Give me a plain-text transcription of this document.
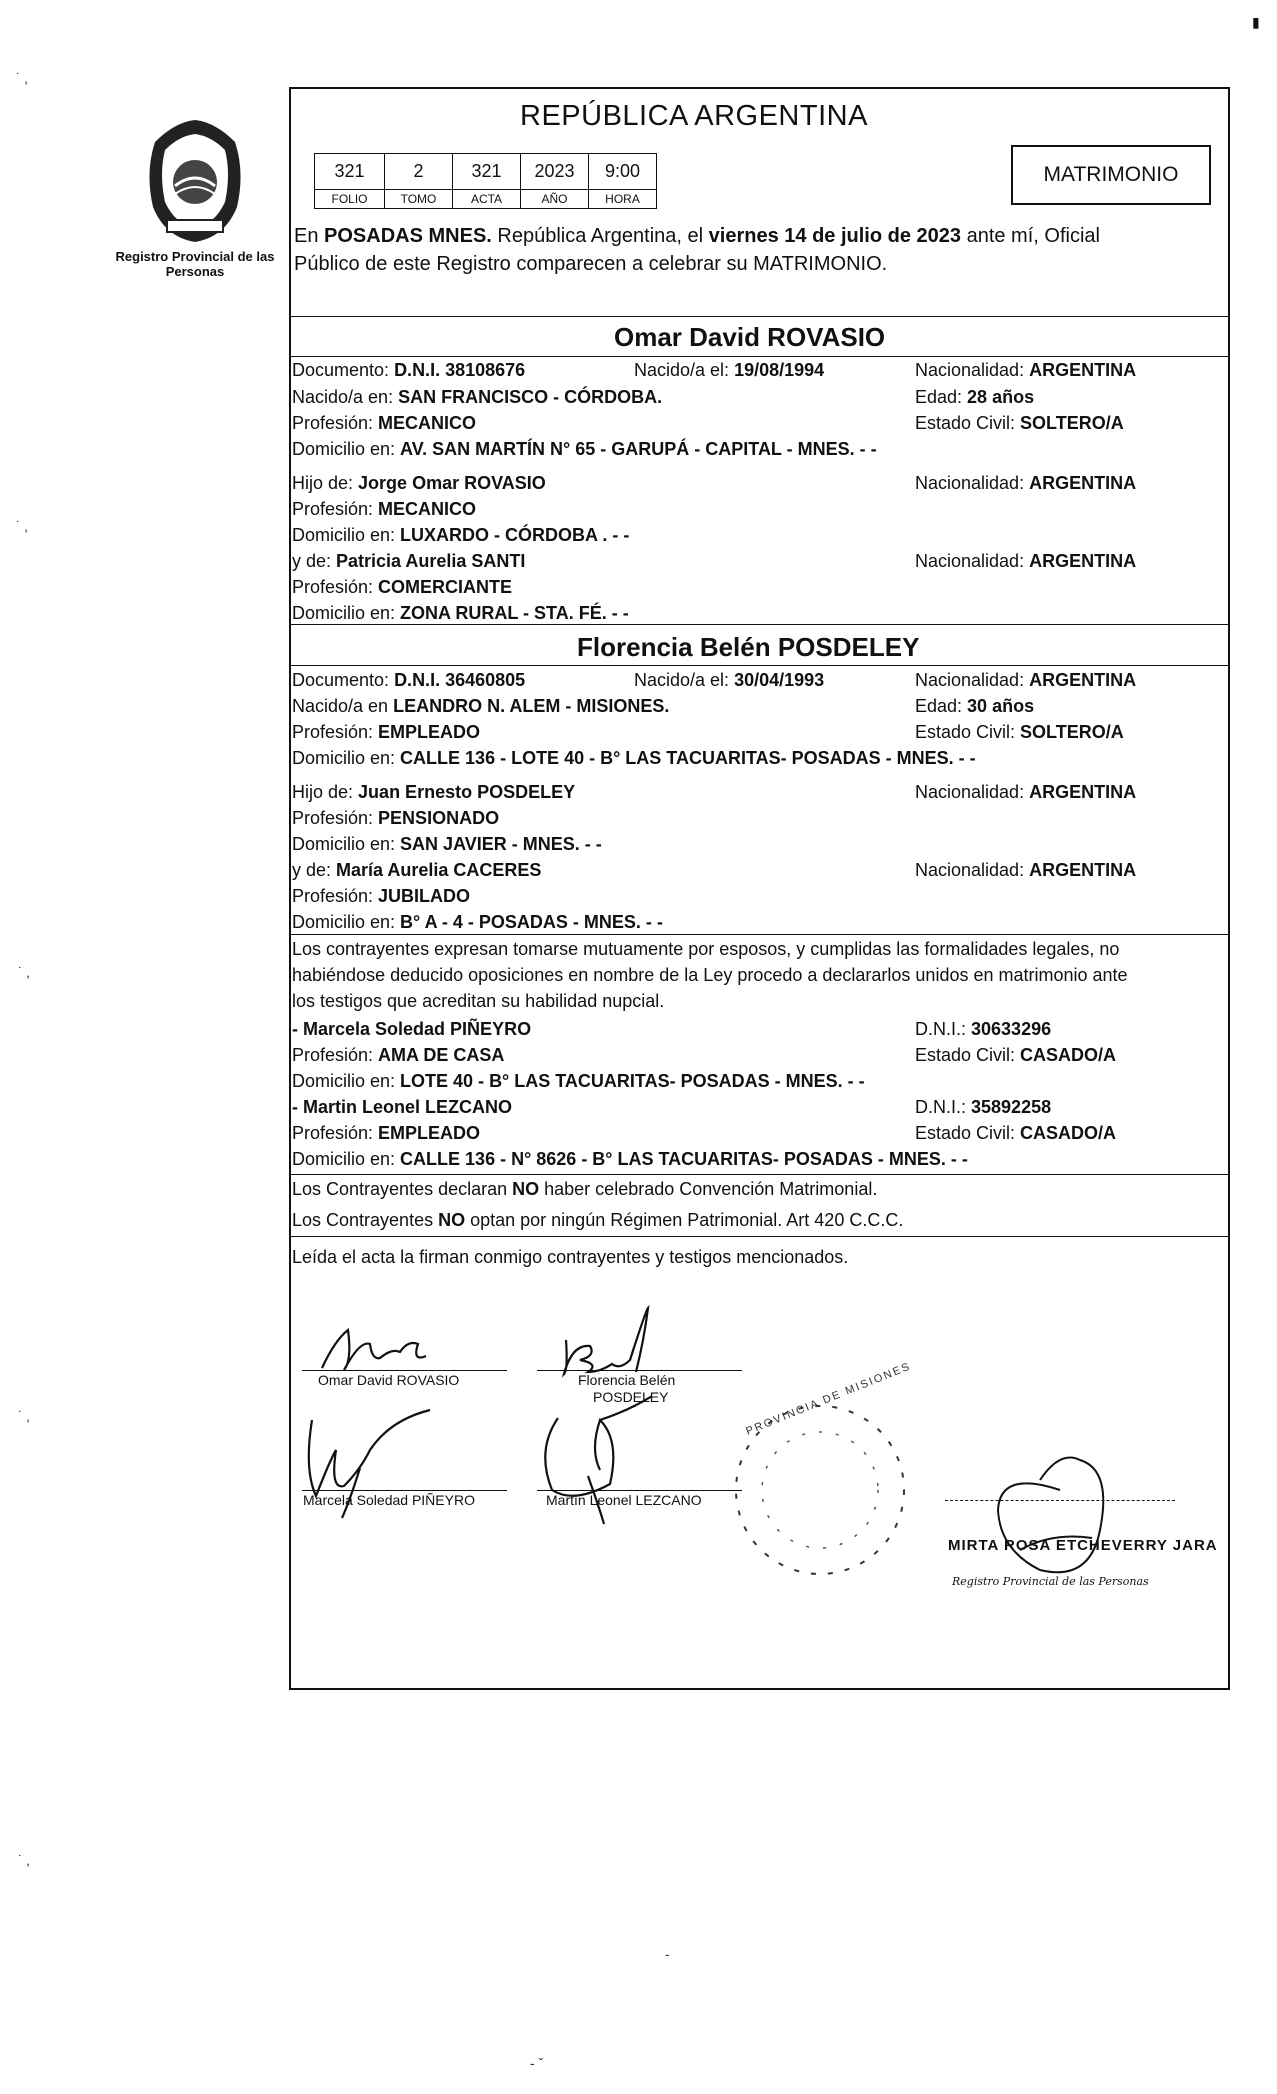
▮
˙ ‚
˙ ‚
˙ ‚
˙ ‚
˙ ‚
Registro Provincial de las Personas
REPÚBLICA ARGENTINA
321	2	321	2023	9:00
FOLIO	TOMO	ACTA	AÑO	HORA
MATRIMONIO
En POSADAS MNES. República Argentina, el viernes 14 de julio de 2023 ante mí, Oficial
Público de este Registro comparecen a celebrar su MATRIMONIO.
Omar David ROVASIO
Documento: D.N.I. 38108676	Nacido/a el: 19/08/1994	Nacionalidad: ARGENTINA
Nacido/a en: SAN FRANCISCO - CÓRDOBA.	Edad: 28 años
Profesión: MECANICO	Estado Civil: SOLTERO/A
Domicilio en: AV. SAN MARTÍN N° 65 - GARUPÁ - CAPITAL - MNES. - -
Hijo de: Jorge Omar ROVASIO	Nacionalidad: ARGENTINA
Profesión: MECANICO
Domicilio en: LUXARDO - CÓRDOBA . - -
y de: Patricia Aurelia SANTI	Nacionalidad: ARGENTINA
Profesión: COMERCIANTE
Domicilio en: ZONA RURAL - STA. FÉ. - -
Florencia Belén POSDELEY
Documento: D.N.I. 36460805	Nacido/a el: 30/04/1993	Nacionalidad: ARGENTINA
Nacido/a en LEANDRO N. ALEM - MISIONES.	Edad: 30 años
Profesión: EMPLEADO	Estado Civil: SOLTERO/A
Domicilio en: CALLE 136 - LOTE 40 - B° LAS TACUARITAS- POSADAS - MNES. - -
Hijo de: Juan Ernesto POSDELEY	Nacionalidad: ARGENTINA
Profesión: PENSIONADO
Domicilio en: SAN JAVIER - MNES. - -
y de: María Aurelia CACERES	Nacionalidad: ARGENTINA
Profesión: JUBILADO
Domicilio en: B° A - 4 - POSADAS - MNES. - -
Los contrayentes expresan tomarse mutuamente por esposos, y cumplidas las formalidades legales, no
habiéndose deducido oposiciones en nombre de la Ley procedo a declararlos unidos en matrimonio ante
los testigos que acreditan su habilidad nupcial.
- Marcela Soledad PIÑEYRO	D.N.I.: 30633296
Profesión: AMA DE CASA	Estado Civil: CASADO/A
Domicilio en: LOTE 40 - B° LAS TACUARITAS- POSADAS - MNES. - -
- Martin Leonel LEZCANO	D.N.I.: 35892258
Profesión: EMPLEADO	Estado Civil: CASADO/A
Domicilio en: CALLE 136 - N° 8626 - B° LAS TACUARITAS- POSADAS - MNES. - -
Los Contrayentes declaran NO haber celebrado Convención Matrimonial.
Los Contrayentes NO optan por ningún Régimen Patrimonial. Art 420 C.C.C.
Leída el acta la firman conmigo contrayentes y testigos mencionados.
Omar David ROVASIO	Florencia Belén
POSDELEY
Marcela Soledad PIÑEYRO	Martín Leonel LEZCANO
PROVINCIA DE MISIONES
MIRTA ROSA ETCHEVERRY JARA
Registro Provincial de las Personas
-
- ˇ
